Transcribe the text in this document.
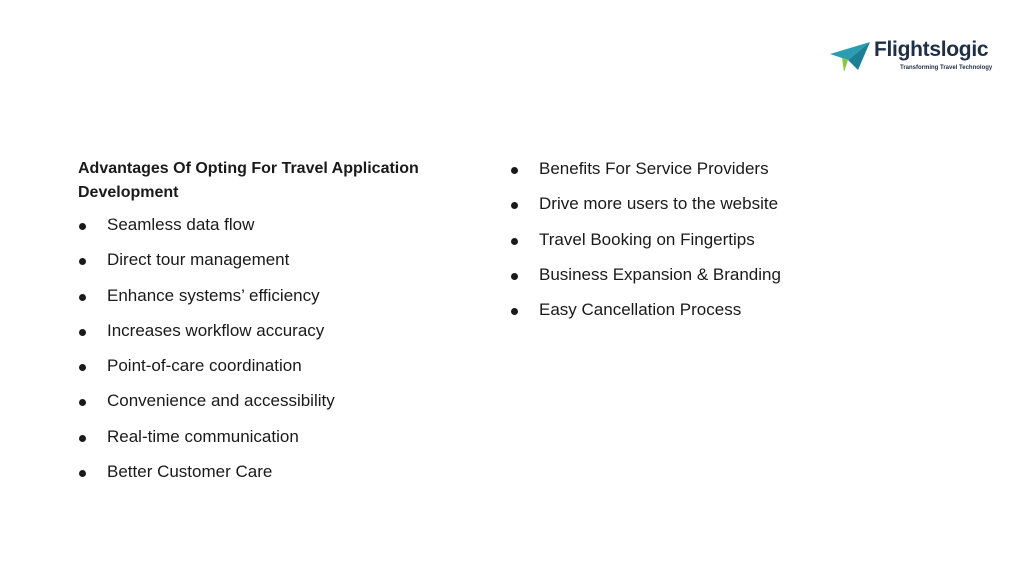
Flightslogic
Transforming Travel Technology

Advantages Of Opting For Travel Application Development

Seamless data flow
Direct tour management
Enhance systems’ efficiency
Increases workflow accuracy
Point-of-care coordination
Convenience and accessibility
Real-time communication
Better Customer Care
Benefits For Service Providers
Drive more users to the website
Travel Booking on Fingertips
Business Expansion & Branding
Easy Cancellation Process
